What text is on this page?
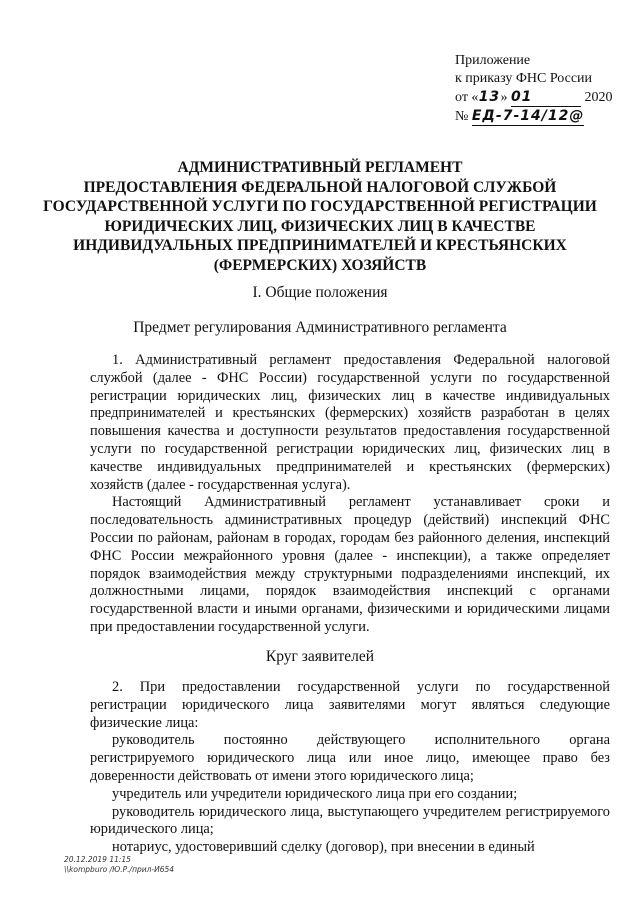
Приложение
к приказу ФНС России
от «13» 01	2020
№ ЕД-7-14/12@
АДМИНИСТРАТИВНЫЙ РЕГЛАМЕНТ
ПРЕДОСТАВЛЕНИЯ ФЕДЕРАЛЬНОЙ НАЛОГОВОЙ СЛУЖБОЙ
ГОСУДАРСТВЕННОЙ УСЛУГИ ПО ГОСУДАРСТВЕННОЙ РЕГИСТРАЦИИ
ЮРИДИЧЕСКИХ ЛИЦ, ФИЗИЧЕСКИХ ЛИЦ В КАЧЕСТВЕ
ИНДИВИДУАЛЬНЫХ ПРЕДПРИНИМАТЕЛЕЙ И КРЕСТЬЯНСКИХ
(ФЕРМЕРСКИХ) ХОЗЯЙСТВ
I. Общие положения
Предмет регулирования Административного регламента

1. Административный регламент предоставления Федеральной налоговой службой (далее - ФНС России) государственной услуги по государственной регистрации юридических лиц, физических лиц в качестве индивидуальных предпринимателей и крестьянских (фермерских) хозяйств разработан в целях повышения качества и доступности результатов предоставления государственной услуги по государственной регистрации юридических лиц, физических лиц в качестве индивидуальных предпринимателей и крестьянских (фермерских) хозяйств (далее - государственная услуга).

Настоящий Административный регламент устанавливает сроки и последовательность административных процедур (действий) инспекций ФНС России по районам, районам в городах, городам без районного деления, инспекций ФНС России межрайонного уровня (далее - инспекции), а также определяет порядок взаимодействия между структурными подразделениями инспекций, их должностными лицами, порядок взаимодействия инспекций с органами государственной власти и иными органами, физическими и юридическими лицами при предоставлении государственной услуги.

Круг заявителей

2. При предоставлении государственной услуги по государственной регистрации юридического лица заявителями могут являться следующие физические лица:

руководитель постоянно действующего исполнительного органа регистрируемого юридического лица или иное лицо, имеющее право без доверенности действовать от имени этого юридического лица;

учредитель или учредители юридического лица при его создании;

руководитель юридического лица, выступающего учредителем регистрируемого юридического лица;

нотариус, удостоверивший сделку (договор), при внесении в единый

20.12.2019 11:15
\\kompburo /Ю.Р./прил-И654
